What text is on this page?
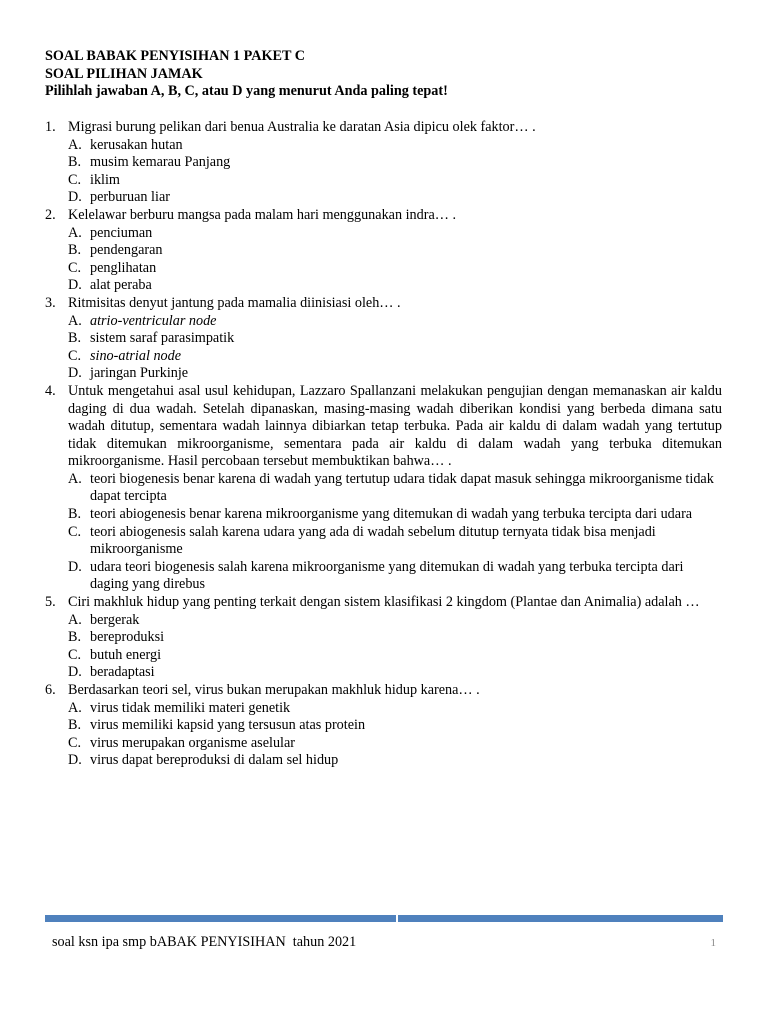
SOAL BABAK PENYISIHAN 1 PAKET C
SOAL PILIHAN JAMAK
Pilihlah jawaban A, B, C, atau D yang menurut Anda paling tepat!
1. Migrasi burung pelikan dari benua Australia ke daratan Asia dipicu olek faktor… .
A. kerusakan hutan
B. musim kemarau Panjang
C. iklim
D. perburuan liar
2. Kelelawar berburu mangsa pada malam hari menggunakan indra… .
A. penciuman
B. pendengaran
C. penglihatan
D. alat peraba
3. Ritmisitas denyut jantung pada mamalia diinisiasi oleh… .
A. atrio-ventricular node
B. sistem saraf parasimpatik
C. sino-atrial node
D. jaringan Purkinje
4. Untuk mengetahui asal usul kehidupan, Lazzaro Spallanzani melakukan pengujian dengan memanaskan air kaldu daging di dua wadah. Setelah dipanaskan, masing-masing wadah diberikan kondisi yang berbeda dimana satu wadah ditutup, sementara wadah lainnya dibiarkan tetap terbuka. Pada air kaldu di dalam wadah yang tertutup tidak ditemukan mikroorganisme, sementara pada air kaldu di dalam wadah yang terbuka ditemukan mikroorganisme. Hasil percobaan tersebut membuktikan bahwa… .
A. teori biogenesis benar karena di wadah yang tertutup udara tidak dapat masuk sehingga mikroorganisme tidak dapat tercipta
B. teori abiogenesis benar karena mikroorganisme yang ditemukan di wadah yang terbuka tercipta dari udara
C. teori abiogenesis salah karena udara yang ada di wadah sebelum ditutup ternyata tidak bisa menjadi mikroorganisme
D. udara teori biogenesis salah karena mikroorganisme yang ditemukan di wadah yang terbuka tercipta dari daging yang direbus
5. Ciri makhluk hidup yang penting terkait dengan sistem klasifikasi 2 kingdom (Plantae dan Animalia) adalah …
A. bergerak
B. bereproduksi
C. butuh energi
D. beradaptasi
6. Berdasarkan teori sel, virus bukan merupakan makhluk hidup karena… .
A. virus tidak memiliki materi genetik
B. virus memiliki kapsid yang tersusun atas protein
C. virus merupakan organisme aselular
D. virus dapat bereproduksi di dalam sel hidup
soal ksn ipa smp bABAK PENYISIHAN  tahun 2021	1
